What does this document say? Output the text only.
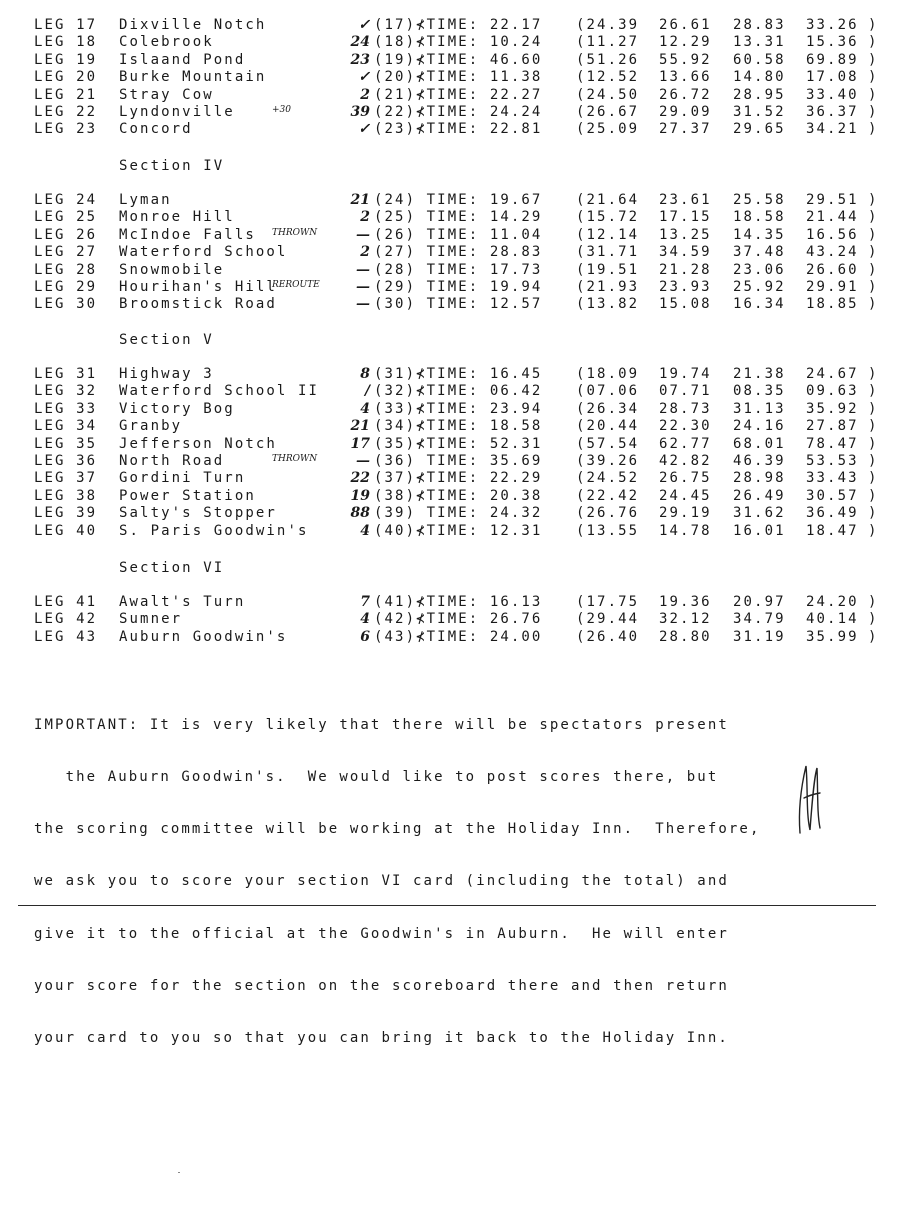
LEG 17 Dixville Notch	✓ (17)⊀TIME: 22.17 (24.39 26.61 28.83 33.26 )
LEG 18 Colebrook	24 (18)⊀TIME: 10.24 (11.27 12.29 13.31 15.36 )
LEG 19 Islaand Pond	23 (19)⊀TIME: 46.60 (51.26 55.92 60.58 69.89 )
LEG 20 Burke Mountain	✓ (20)⊀TIME: 11.38 (12.52 13.66 14.80 17.08 )
LEG 21 Stray Cow	2 (21)⊀TIME: 22.27 (24.50 26.72 28.95 33.40 )
LEG 22 Lyndonville	39 (22)⊀TIME: 24.24 (26.67 29.09 31.52 36.37 )
+30
LEG 23 Concord	✓ (23)⊀TIME: 22.81 (25.09 27.37 29.65 34.21 )
LEG 24 Lyman	21 (24) TIME: 19.67 (21.64 23.61 25.58 29.51 )
LEG 25 Monroe Hill	2 (25) TIME: 14.29 (15.72 17.15 18.58 21.44 )
LEG 26 McIndoe Falls	— (26) TIME: 11.04 (12.14 13.25 14.35 16.56 )
THROWN
LEG 27 Waterford School	2 (27) TIME: 28.83 (31.71 34.59 37.48 43.24 )
LEG 28 Snowmobile	— (28) TIME: 17.73 (19.51 21.28 23.06 26.60 )
LEG 29 Hourihan's Hill	— (29) TIME: 19.94 (21.93 23.93 25.92 29.91 )
REROUTE
LEG 30 Broomstick Road	— (30) TIME: 12.57 (13.82 15.08 16.34 18.85 )
LEG 31 Highway 3	8 (31)⊀TIME: 16.45 (18.09 19.74 21.38 24.67 )
LEG 32 Waterford School II	/ (32)⊀TIME: 06.42 (07.06 07.71 08.35 09.63 )
LEG 33 Victory Bog	4 (33)⊀TIME: 23.94 (26.34 28.73 31.13 35.92 )
LEG 34 Granby	21 (34)⊀TIME: 18.58 (20.44 22.30 24.16 27.87 )
LEG 35 Jefferson Notch	17 (35)⊀TIME: 52.31 (57.54 62.77 68.01 78.47 )
LEG 36 North Road	— (36) TIME: 35.69 (39.26 42.82 46.39 53.53 )
THROWN
LEG 37 Gordini Turn	22 (37)⊀TIME: 22.29 (24.52 26.75 28.98 33.43 )
LEG 38 Power Station	19 (38)⊀TIME: 20.38 (22.42 24.45 26.49 30.57 )
LEG 39 Salty's Stopper	88 (39) TIME: 24.32 (26.76 29.19 31.62 36.49 )
LEG 40 S. Paris Goodwin's	4 (40)⊀TIME: 12.31 (13.55 14.78 16.01 18.47 )
LEG 41 Awalt's Turn	7 (41)⊀TIME: 16.13 (17.75 19.36 20.97 24.20 )
LEG 42 Sumner	4 (42)⊀TIME: 26.76 (29.44 32.12 34.79 40.14 )
LEG 43 Auburn Goodwin's	6 (43)⊀TIME: 24.00 (26.40 28.80 31.19 35.99 )
Section IV
Section V
Section VI

IMPORTANT: It is very likely that there will be spectators present

the Auburn Goodwin's.  We would like to post scores there, but

the scoring committee will be working at the Holiday Inn.  Therefore,

we ask you to score your section VI card (including the total) and

give it to the official at the Goodwin's in Auburn.  He will enter

your score for the section on the scoreboard there and then return

your card to you so that you can bring it back to the Holiday Inn.
